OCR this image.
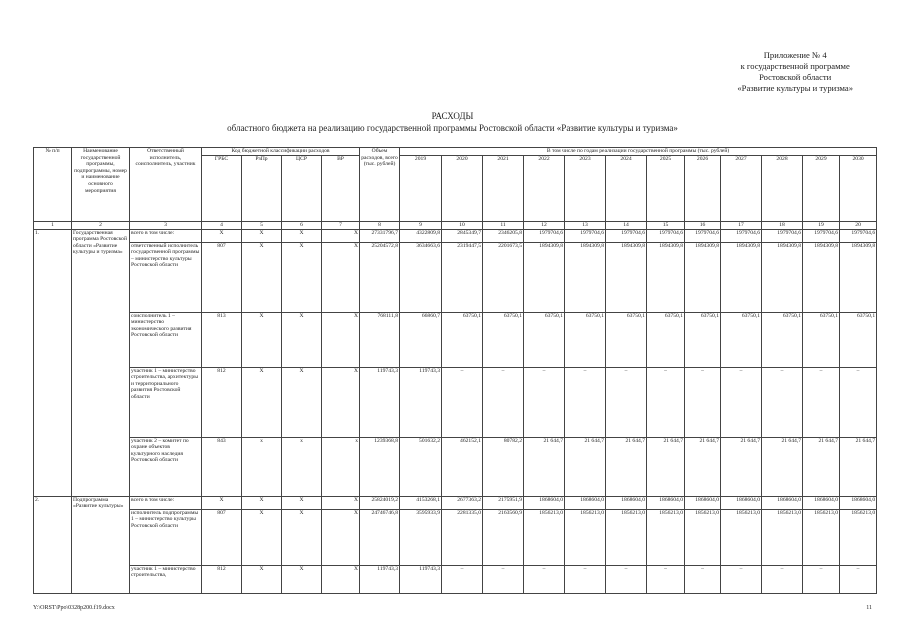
Приложение № 4
к государственной программе
Ростовской области
«Развитие культуры и туризма»
РАСХОДЫ
областного бюджета на реализацию государственной программы Ростовской области «Развитие культуры и туризма»
№ п/п	Наименование государственной программы, подпрограммы, номер и наименование основного мероприятия	Ответственный исполнитель, соисполнитель, участник	Код бюджетной классификации расходов				Объем расходов, всего (тыс. рублей)	В том числе по годам реализации государственной программы (тыс. рублей)											
			ГРБС	РзПр	ЦСР	ВР		2019	2020	2021	2022	2023	2024	2025	2026	2027	2028	2029	2030
1	2	3	4	5	6	7	8	9	10	11	12	13	14	15	16	17	18	19	20
1.	Государственная программа Ростовской области «Развитие культуры и туризма»	всего в том числе:	X	X	X	X	27331796,7	4322809,8	2845349,7	2346205,8	1979704,6	1979704,6	1979704,6	1979704,6	1979704,6	1979704,6	1979704,6	1979704,6	1979704,6
		ответственный исполнитель государственной программы – министерство культуры Ростовской области	807	X	X	X	25204572,8	3634663,6	2319447,5	2201673,5	1894309,8	1894309,8	1894309,8	1894309,8	1894309,8	1894309,8	1894309,8	1894309,8	1894309,8
		соисполнитель 1 – министерство экономического развития Ростовской области	813	X	X	X	768111,8	66860,7	63750,1	63750,1	63750,1	63750,1	63750,1	63750,1	63750,1	63750,1	63750,1	63750,1	63750,1
		участник 1 – министерство строительства, архитектуры и территориального развития Ростовской области	812	X	X	X	119743,3	119743,3	–	–	–	–	–	–	–	–	–	–	–
		участник 2 – комитет по охране объектов культурного наследия Ростовской области	843	x	x	x	1239368,8	501632,2	462152,1	80782,2	21 644,7	21 644,7	21 644,7	21 644,7	21 644,7	21 644,7	21 644,7	21 644,7	21 644,7
2.	Подпрограмма «Развитие культуры»	всего в том числе:	X	X	X	X	25824019,2	4153268,1	2677363,2	2175951,9	1868604,0	1868604,0	1868604,0	1868604,0	1868604,0	1868604,0	1868604,0	1868604,0	1868604,0
		исполнитель подпрограммы 1 – министерство культуры Ростовской области	807	X	X	X	24746746,8	3595933,9	2281335,0	2163560,9	1856213,0	1856213,0	1856213,0	1856213,0	1856213,0	1856213,0	1856213,0	1856213,0	1856213,0
		участник 1 – министерство строительства,	812	X	X	X	119743,3	119743,3	–	–	–	–	–	–	–	–	–	–	–
Y:\ORST\Ppo\0328p200.f19.docx	11
